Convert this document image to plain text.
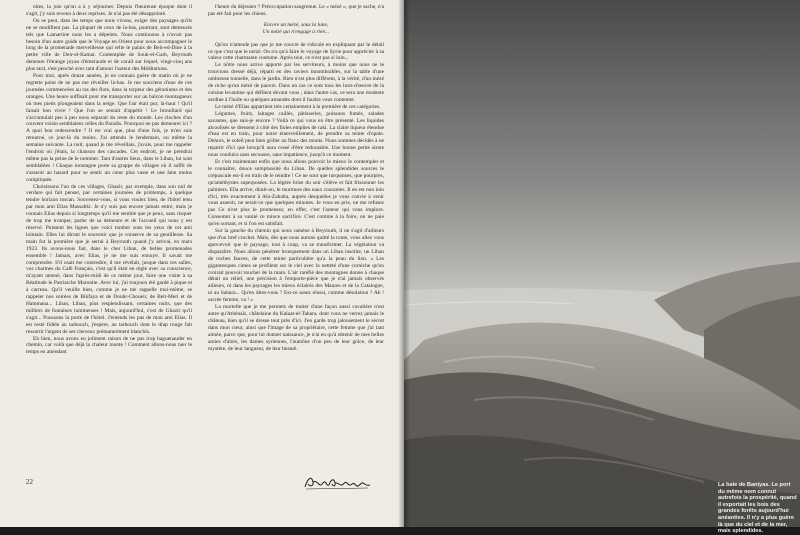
nites, la joie qu'on a à y séjourner. Depuis l'heureuse époque dont il s'agit, j'y suis revenu à deux reprises. Je n'ai pas été désappointé.

On se peut, dans les temps que nous vivons, exiger des paysages qu'ils ne se modifient pas. La plupart de ceux de la-bas, pourtant, sont demeurés tels que Lamartine nous les a dépeints. Nous continuons à n'avoir pas besoin d'un autre guide que le Voyage en Orient pour nous accompagner le long de la promenade merveilleuse qui relie le palais de Beit-ed-Dine à la petite ville de Deir-el-Kamar. Contemplée de Souk-el-Garb, Beyrouth demeure l'étrange joyau d'émeraude et de corail sur lequel, vingt-cinq ans plus tard, s'est penché avec tant d'amour l'auteur des Méditations.

Pour moi, après douze années, je ne connais guère de matin où je ne regrette point de ne pas me réveiller là-bas. Je me souviens d'une de ces journées commencées au ras des flots, dans la torpeur des géraniums et des oranges. Une heure suffisait pour me transporter sur un balcon montagneux où mes pieds plongeaient dans la neige. Que l'air était pur, là-haut ! Qu'il faisait bon vivre ! Que l'on se sentait d'appétit ! Le brouillard qui s'accumulait peu à peu nous séparait du reste du monde. Les cloches d'un couvent voisin semblaient celles du Paradis. Pourquoi ne pas demeurer ici ? A quoi bon redescendre ? Il est vrai que, plus d'une fois, je m'en suis retourné, ce jour-là du moins. J'ai attendu le lendemain, ou même la semaine suivante. La nuit, quand je me réveillais, j'avais, pour me rappeler l'endroit où j'étais, la chanson des cascades. Cet endroit, je ne prendrai même pas la peine de le nommer. Tant d'autres lieux, dans le Liban, lui sont semblables ! Chaque montagne porte sa grappe de villages où il suffit de s'asseoir au hasard pour se sentir un cœur plus vaste et une âme moins compliquée.

Choisissons l'un de ces villages, Ghazir, par exemple, dans son nid de verdure qui fait penser, par certaines journées de printemps, à quelque tendre horizon toscan. Souvenez-vous, si vous voulez bien, de l'hôtel tenu par mon ami Elias Massabki. Je n'y suis pas encore jamais entré, mais je connais Elias depuis si longtemps qu'il me semble que je peux, sans risquer de trop me tromper, parler de sa demeure et de l'accueil qui nous y est réservé. Puissent les lignes que voici tomber sous les yeux de cet ami lointain. Elles lui diront le souvenir que je conserve de sa gentillesse. Sa main fut la première que je serrai à Beyrouth quand j'y arrivai, en mars 1923. Ils avons-nous fait, dans le cher Liban, de belles promenades ensemble ! Jamais, avec Elias, je ne me suis ennuyé. Il savait me comprendre. S'il osait me contredire, il me révélait, jusque dans ces salles, vos charmes du Café Français, c'est qu'il était en règle avec sa conscience, m'ayant amené, dans l'après-midi de ce même jour, faire une visite à sa Béatitude le Patriarche Maronite. Avec lui, j'ai toujours été gardé à pique et à carreau. Qu'il veuille bien, comme je ne me rappelle moi-même, se rappeler nos soirées de Bikfaya et de Douhr-Choueir, de Beit-Meri et de Hammana... Liban, Liban, plus resplendissant, certaines nuits, que des milliers de fontaines lumineuses ! Mais, aujourd'hui, c'est de Ghazir qu'il s'agit... Poussons la porte de l'hôtel. J'entends les pas de mon ami Elias. Il est resté fidèle au tarbouch, j'espère, au tarbouch dont le drap rouge fait ressortir l'argent de ses cheveux prématurément blanchis.

Eh bien, nous avons eu joliment raison de ne pas trop baguenauder en chemin, car voilà que déjà la chaleur monte ! Comment allons-nous tuer le temps en attendant

l'heure du déjeuner ? Préoccupation saugrenue. Le « mézé », que je sache, n'a pas été fait pour les chiens.

Encore un mézé, sous la lune,
Un mézé qui n'engage à rien...

Qu'on n'attende pas que je me couvre de ridicule en expliquant par le détail ce que c'est que le mézé. On n'a qu'à faire le voyage de Syrie pour apprécier à sa valeur cette charmante coutume. Après tout, ce n'est pas si loin...

Le nôtre nous arrive apporté par les serviteurs, à moins que nous ne le trouvions dressé déjà, réparti en des raviers innombrables, sur la table d'une ombreuse tonnelle, dans le jardin. Rien n'est plus différent, à la vérité, d'un mézé de riche qu'un mézé de pauvre. Dans un cas ce sont tous les hors-d'œuvre de la cuisine levantine qui défilent devant vous ; dans l'autre cas, ce sera une modeste sardine à l'huile ou quelques amandes dont il faudra vous contenter.

Le mézé d'Elias appartient très certainement à la première de ces catégories.

Légumes, fruits, laitages caillés, pâtisseries, poissons fumés, salades savantes, que sais-je encore ? Voilà ce qui vous en être présenté. Les liquides alcoolisés se dressent à côté des fioles emplies de raki. La claire liqueur étendue d'eau est en train, pour notre émerveillement, de prendre sa teinte d'opale. Dehors, le soleil peut bien griller au flanc des monts. Nous sommes décidés à ne repartir d'ici que lorsqu'il aura cessé d'être redoutable. Une bonne petite sieste nous conduira sans secousse, sans impatience, jusqu'à ce moment.

Et c'est maintenant enfin que nous allons pouvoir le mieux le contempler et le connaître, douce somptuosité du Liban. De quelles splendides sources le crépuscule est-il en train de le teindre ! Ce ne sont que turquoises, que pourpres, qu'améthystes superposées. La légère brise du soir s'élève et fait frissonner les palmiers. Ella arrive, dirait-on, le murmure des eaux courantes. Il en est non loin d'ici, très exactement à Aïn-Zahalta, auprès desquelles je vous convie à venir vous asseoir, ne serait-ce que quelques minutes. Je vous en prie, ne me refusez pas Ce n'est plus le promeneur, en effet, c'est l'auteur qui vous implore. Consentez à sa vanité ce mince sacrifice. C'est comme à la foire, on ne paie qu'en sortant, et si l'on est satisfait.

Sur la gauche du chemin qui nous ramène à Beyrouth, il ne s'agit d'ailleurs que d'un bref crochet. Mais, dès que nous aurons quitté la route, vous allez vous apercevoir que le paysage, tout à coup, va se transformer. La végétation va disparaître. Nous allons pénétrer brusquement dans un Liban insolite, un Liban de roches fauves, de cette teinte particulière qu'a la peau du lion. « Les gigantesques cimes se profilent sur le ciel avec la netteté d'une corniche qu'on croirait pouvoir toucher de la main. L'air raréfié des montagnes donne à chaque détail un relief, une précision à l'emporte-pièce que je n'ai jamais observés ailleurs, ni dans les paysages les mieux éclairés des Maures et de la Catalogne, ni au Sahara... Qu'en dites-vous ? Est-ce assez réussi, comme désolation ? Ah ! sacrée femme, va ! »

La mortelle que je me permets de traiter d'une façon aussi cavalière n'est autre qu'Athénaïs, châtelaine du Kalaat-el-Tahara, dont vous ne verrez jamais le château, bien qu'il se dresse tout près d'ici. J'en garde trop jalousement le secret dans mon cœur, ainsi que l'image de sa propriétaire, cette femme que j'ai tant aimée, parce que, pour lui donner naissance, je n'ai eu qu'à obtenir de mes belles amies d'alors, les dames syriennes, l'aumône d'un peu de leur grâce, de leur mystère, de leur langueur, de leur beauté.

22	La baie de Baniyas. Le port du même nom connut autrefois la prospérité, quand il exportait les bois des grandes forêts aujourd'hui anéanties. Il n'y a plus guère là que du ciel et de la mer, mais splendides.
